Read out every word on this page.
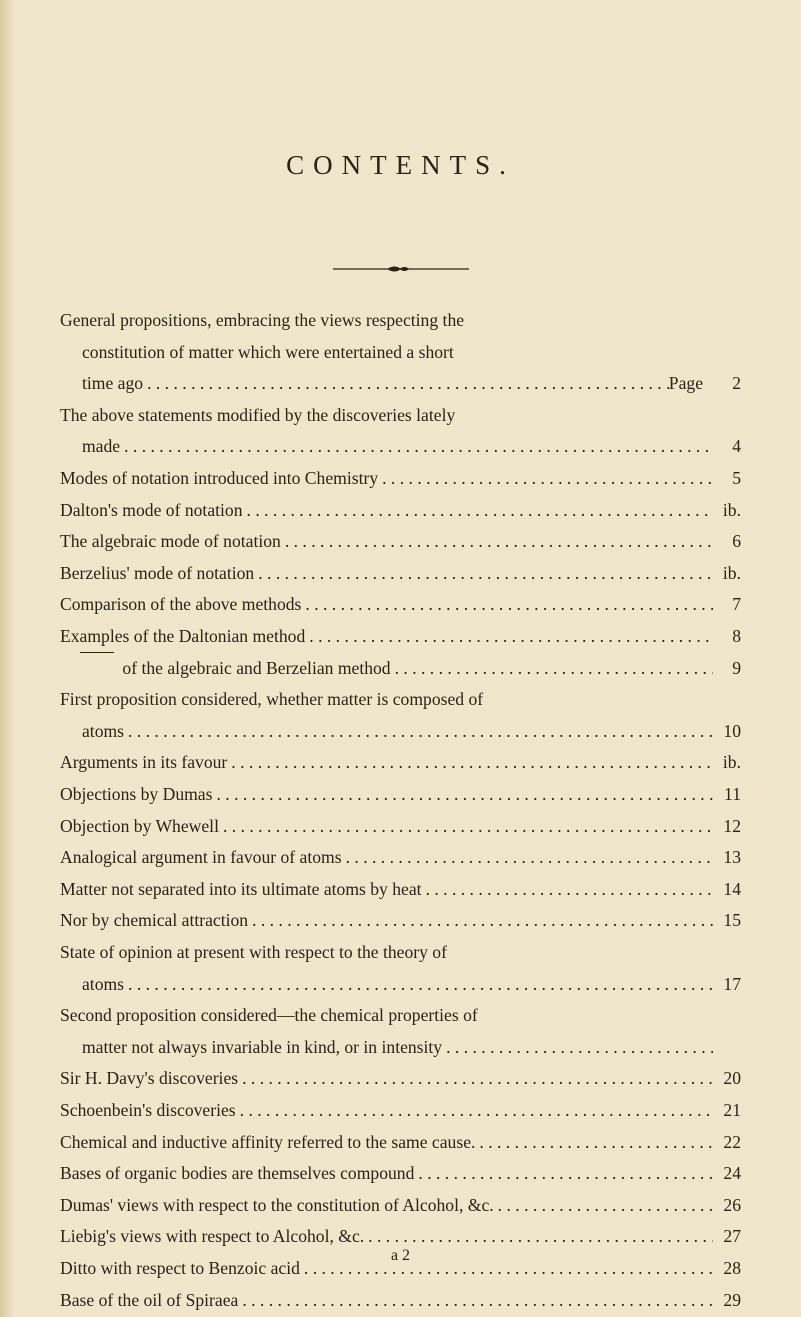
CONTENTS.
General propositions, embracing the views respecting the
constitution of matter which were entertained a short
time ago . . .	Page	2
The above statements modified by the discoveries lately
made . . .	4
Modes of notation introduced into Chemistry . . .	5
Dalton's mode of notation . . .	ib.
The algebraic mode of notation . . .	6
Berzelius' mode of notation . . .	ib.
Comparison of the above methods . . .	7
Examples of the Daltonian method . . .	8
of the algebraic and Berzelian method . . .	9
First proposition considered, whether matter is composed of
atoms . . .	10
Arguments in its favour . . .	ib.
Objections by Dumas . . .	11
Objection by Whewell . . .	12
Analogical argument in favour of atoms . . .	13
Matter not separated into its ultimate atoms by heat . . .	14
Nor by chemical attraction . . .	15
State of opinion at present with respect to the theory of
atoms . . .	17
Second proposition considered—the chemical properties of
matter not always invariable in kind, or in intensity
. . .
Sir H. Davy's discoveries . . .	20
Schoenbein's discoveries . . .	21
Chemical and inductive affinity referred to the same cause. . . .	22
Bases of organic bodies are themselves compound . . .	24
Dumas' views with respect to the constitution of Alcohol, &c. . . .	26
Liebig's views with respect to Alcohol, &c. . . .	27
Ditto with respect to Benzoic acid . . .	28
Base of the oil of Spiraea . . .	29
a 2
